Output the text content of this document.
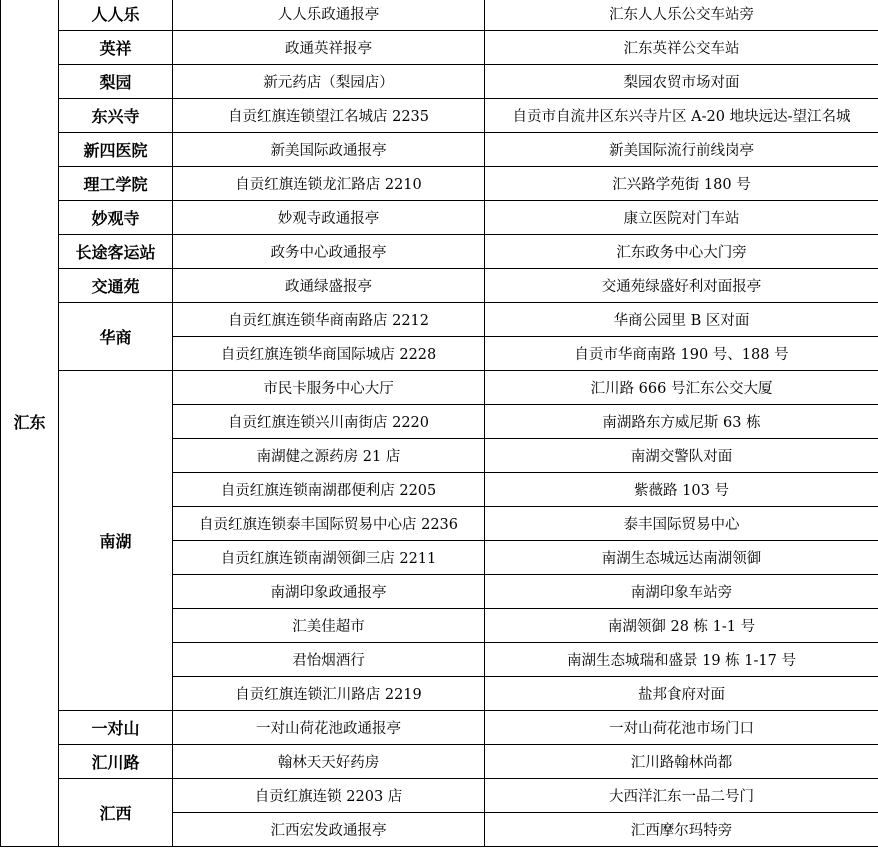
汇东	人人乐	人人乐政通报亭	汇东人人乐公交车站旁
	英祥	政通英祥报亭	汇东英祥公交车站
	梨园	新元药店（梨园店）	梨园农贸市场对面
	东兴寺	自贡红旗连锁望江名城店 2235	自贡市自流井区东兴寺片区 A-20 地块远达-望江名城
	新四医院	新美国际政通报亭	新美国际流行前线岗亭
	理工学院	自贡红旗连锁龙汇路店 2210	汇兴路学苑街 180 号
	妙观寺	妙观寺政通报亭	康立医院对门车站
	长途客运站	政务中心政通报亭	汇东政务中心大门旁
	交通苑	政通绿盛报亭	交通苑绿盛好利对面报亭
	华商	自贡红旗连锁华商南路店 2212	华商公园里 B 区对面
		自贡红旗连锁华商国际城店 2228	自贡市华商南路 190 号、188 号
	南湖	市民卡服务中心大厅	汇川路 666 号汇东公交大厦
		自贡红旗连锁兴川南街店 2220	南湖路东方威尼斯 63 栋
		南湖健之源药房 21 店	南湖交警队对面
		自贡红旗连锁南湖郡便利店 2205	紫薇路 103 号
		自贡红旗连锁泰丰国际贸易中心店 2236	泰丰国际贸易中心
		自贡红旗连锁南湖领御三店 2211	南湖生态城远达南湖领御
		南湖印象政通报亭	南湖印象车站旁
		汇美佳超市	南湖领御 28 栋 1-1 号
		君怡烟酒行	南湖生态城瑞和盛景 19 栋 1-17 号
		自贡红旗连锁汇川路店 2219	盐邦食府对面
	一对山	一对山荷花池政通报亭	一对山荷花池市场门口
	汇川路	翰林天天好药房	汇川路翰林尚都
	汇西	自贡红旗连锁 2203 店	大西洋汇东一品二号门
		汇西宏发政通报亭	汇西摩尔玛特旁
